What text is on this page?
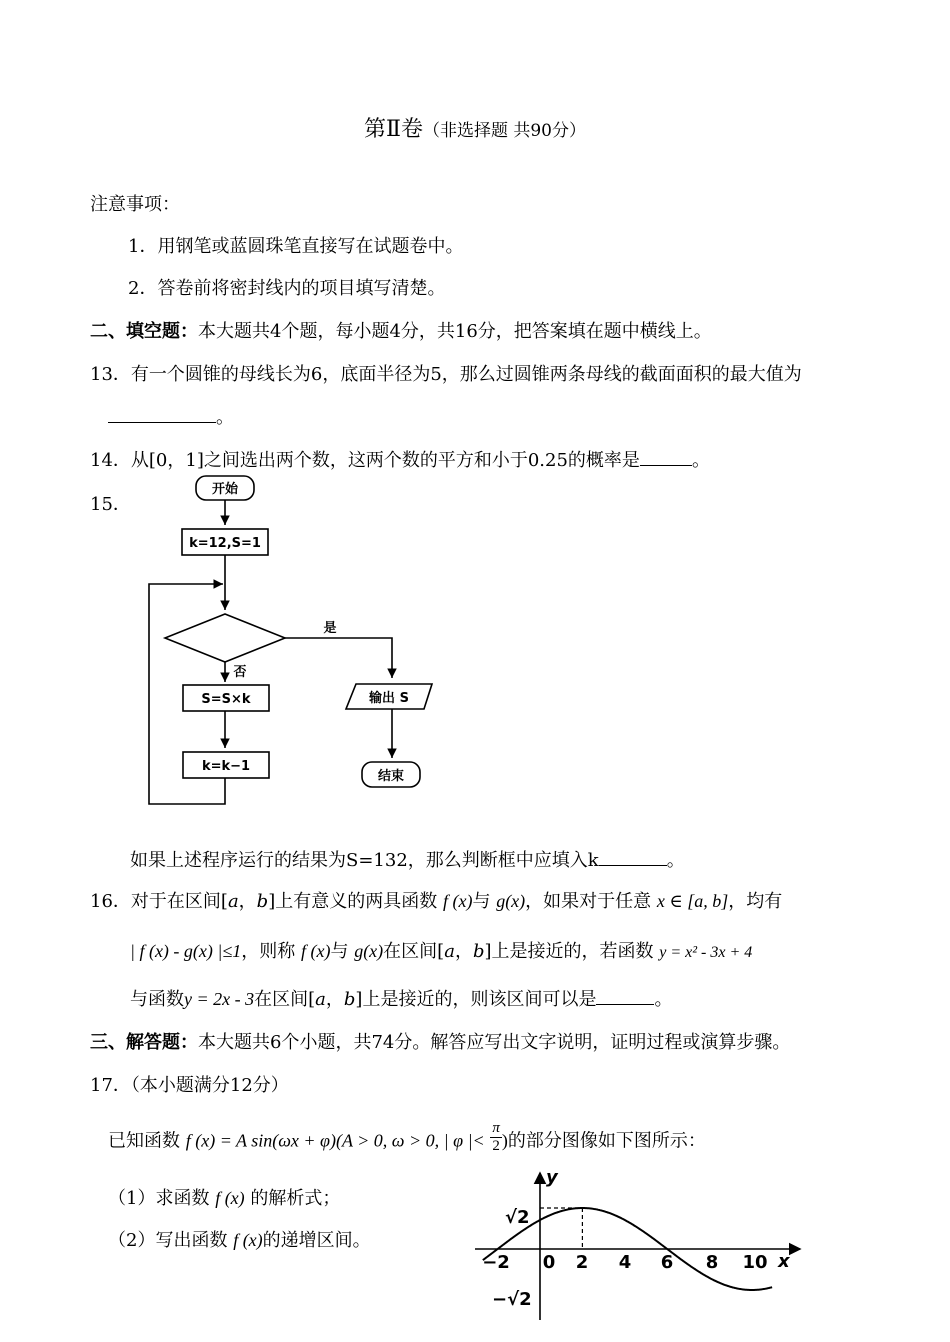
第Ⅱ卷（非选择题 共90分）
注意事项：
1．用钢笔或蓝圆珠笔直接写在试题卷中。
2．答卷前将密封线内的项目填写清楚。
二、填空题：本大题共4个题，每小题4分，共16分，把答案填在题中横线上。
13．有一个圆锥的母线长为6，底面半径为5，那么过圆锥两条母线的截面面积的最大值为
。
14．从[0，1]之间选出两个数，这两个数的平方和小于0.25的概率是	。
15．
开始
k=12,S=1
是
否
S=S×k	输出 S
k=k−1
结束
如果上述程序运行的结果为S=132，那么判断框中应填入k	。
16．对于在区间[a，b]上有意义的两具函数 f (x)与 g(x)，如果对于任意 x ∈ [a, b]，均有
| f (x) - g(x) |≤1，则称 f (x)与 g(x)在区间[a，b]上是接近的，若函数 y = x² - 3x + 4
与函数y = 2x - 3在区间[a，b]上是接近的，则该区间可以是	。
三、解答题：本大题共6个小题，共74分。解答应写出文字说明，证明过程或演算步骤。
17．（本小题满分12分）
已知函数 f (x) = A sin(ωx + φ)(A > 0, ω > 0, | φ |< $\frac{\pi}{2}$ )的部分图像如下图所示：
（1）求函数 f (x) 的解析式；
（2）写出函数 f (x)的递增区间。
y
x
−2 0 2 4 6 8 10
√2
−√2
